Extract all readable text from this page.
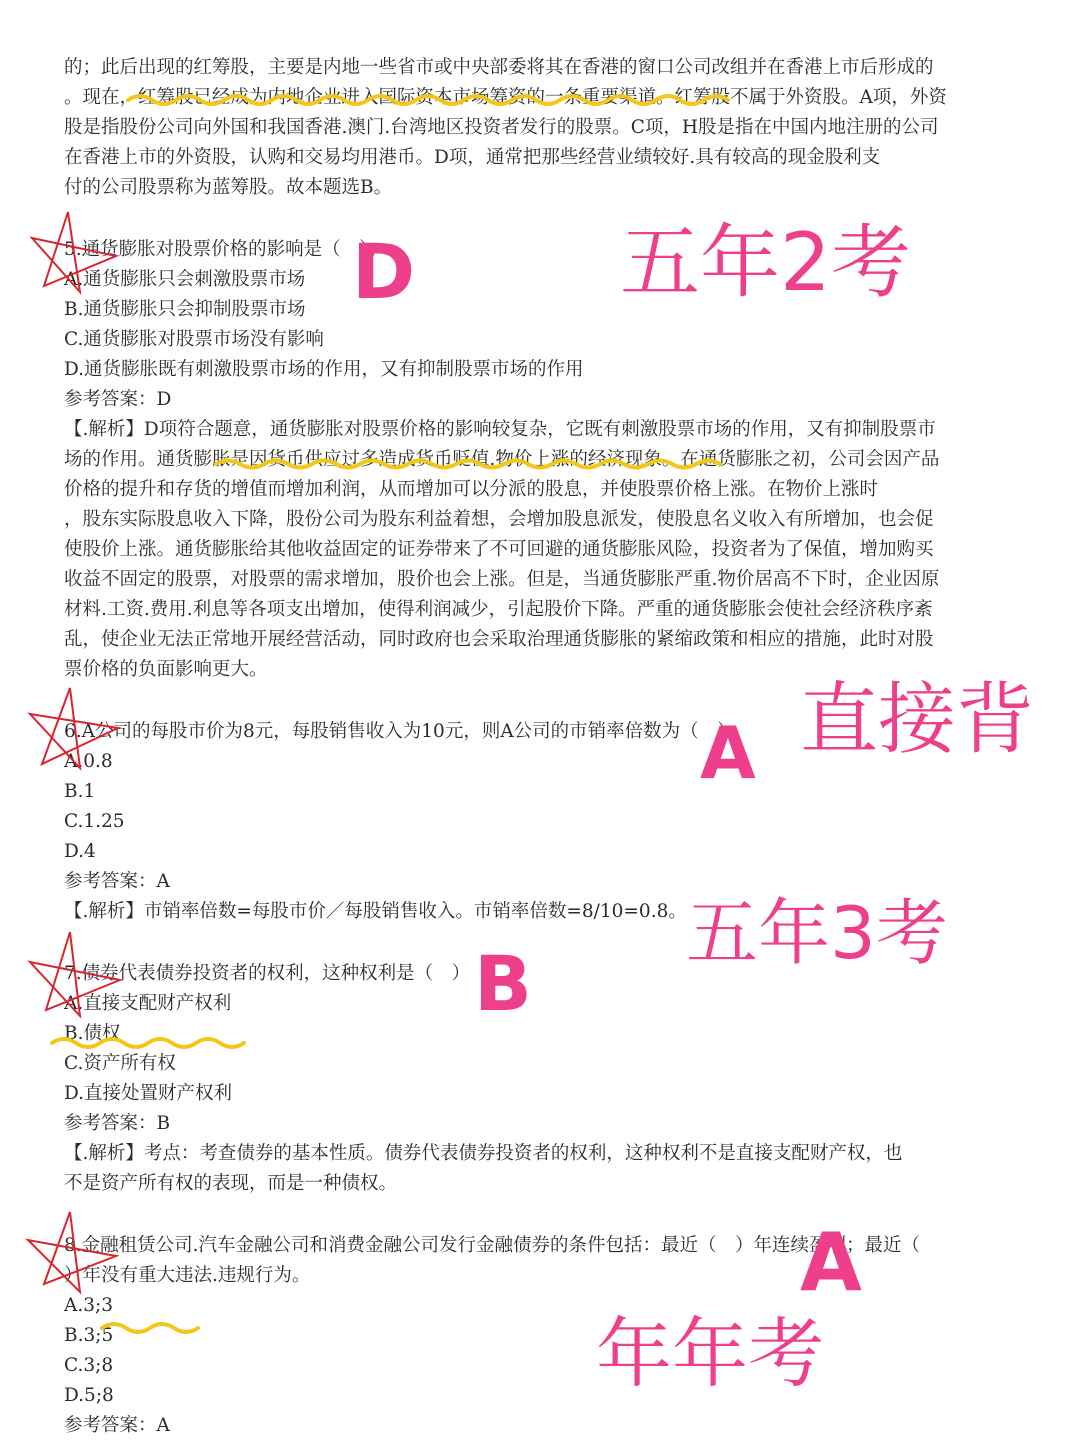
的；此后出现的红筹股，主要是内地一些省市或中央部委将其在香港的窗口公司改组并在香港上市后形成的
。现在，红筹股已经成为内地企业进入国际资本市场筹资的一条重要渠道。红筹股不属于外资股。A项，外资
股是指股份公司向外国和我国香港.澳门.台湾地区投资者发行的股票。C项，H股是指在中国内地注册的公司
在香港上市的外资股，认购和交易均用港币。D项，通常把那些经营业绩较好.具有较高的现金股利支
付的公司股票称为蓝筹股。故本题选B。
5.通货膨胀对股票价格的影响是（　）。
A.通货膨胀只会刺激股票市场
B.通货膨胀只会抑制股票市场
C.通货膨胀对股票市场没有影响
D.通货膨胀既有刺激股票市场的作用，又有抑制股票市场的作用
参考答案：D
【.解析】D项符合题意，通货膨胀对股票价格的影响较复杂，它既有刺激股票市场的作用，又有抑制股票市
场的作用。通货膨胀是因货币供应过多造成货币贬值.物价上涨的经济现象。在通货膨胀之初，公司会因产品
价格的提升和存货的增值而增加利润，从而增加可以分派的股息，并使股票价格上涨。在物价上涨时
，股东实际股息收入下降，股份公司为股东利益着想，会增加股息派发，使股息名义收入有所增加，也会促
使股价上涨。通货膨胀给其他收益固定的证券带来了不可回避的通货膨胀风险，投资者为了保值，增加购买
收益不固定的股票，对股票的需求增加，股价也会上涨。但是，当通货膨胀严重.物价居高不下时，企业因原
材料.工资.费用.利息等各项支出增加，使得利润减少，引起股价下降。严重的通货膨胀会使社会经济秩序紊
乱，使企业无法正常地开展经营活动，同时政府也会采取治理通货膨胀的紧缩政策和相应的措施，此时对股
票价格的负面影响更大。
6.A公司的每股市价为8元，每股销售收入为10元，则A公司的市销率倍数为（　）。
A.0.8
B.1
C.1.25
D.4
参考答案：A
【.解析】市销率倍数=每股市价／每股销售收入。市销率倍数=8/10=0.8。
7.债券代表债券投资者的权利，这种权利是（　）
A.直接支配财产权利
B.债权
C.资产所有权
D.直接处置财产权利
参考答案：B
【.解析】考点：考查债券的基本性质。债券代表债券投资者的权利，这种权利不是直接支配财产权，也
不是资产所有权的表现，而是一种债权。
8.金融租赁公司.汽车金融公司和消费金融公司发行金融债券的条件包括：最近（　）年连续盈利；最近（
）年没有重大违法.违规行为。
A.3;3
B.3;5
C.3;8
D.5;8
参考答案：A
D	五年2考
A 直接背
五年3考
B
A
年年考
